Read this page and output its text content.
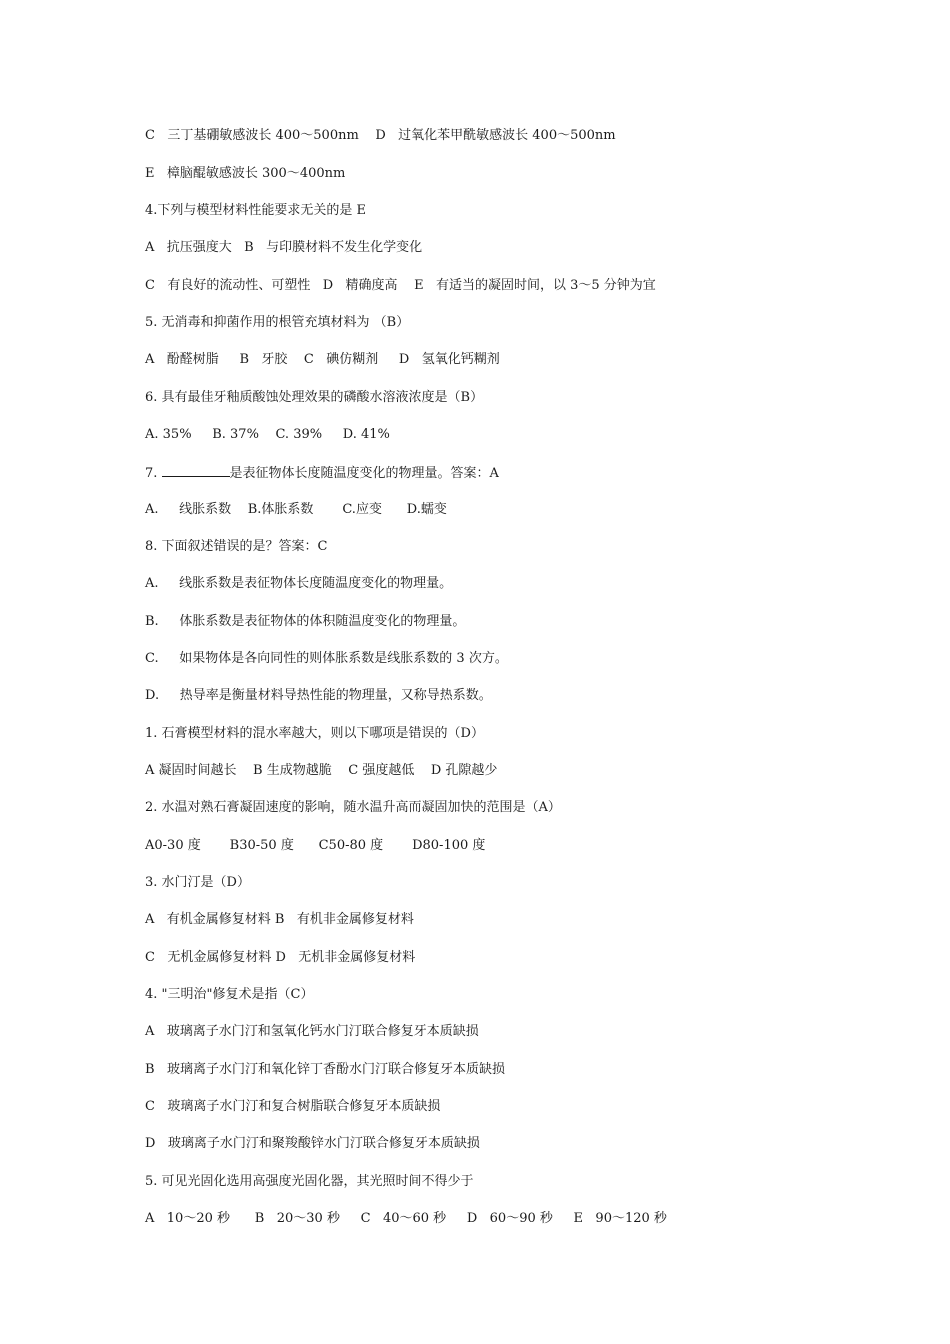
C   三丁基硼敏感波长 400～500nm    D   过氧化苯甲酰敏感波长 400～500nm
E   樟脑醌敏感波长 300～400nm
4.下列与模型材料性能要求无关的是 E
A   抗压强度大   B   与印膜材料不发生化学变化
C   有良好的流动性、可塑性   D   精确度高    E   有适当的凝固时间，以 3～5 分钟为宜
5. 无消毒和抑菌作用的根管充填材料为 （B）
A   酚醛树脂     B   牙胶    C   碘仿糊剂     D   氢氧化钙糊剂
6. 具有最佳牙釉质酸蚀处理效果的磷酸水溶液浓度是（B）
A. 35%     B. 37%    C. 39%     D. 41%
7.	是表征物体长度随温度变化的物理量。答案：A
A.     线胀系数    B.体胀系数       C.应变      D.蠕变
8. 下面叙述错误的是？答案：C
A.     线胀系数是表征物体长度随温度变化的物理量。
B.     体胀系数是表征物体的体积随温度变化的物理量。
C.     如果物体是各向同性的则体胀系数是线胀系数的 3 次方。
D.     热导率是衡量材料导热性能的物理量，又称导热系数。
1. 石膏模型材料的混水率越大，则以下哪项是错误的（D）
A 凝固时间越长    B 生成物越脆    C 强度越低    D 孔隙越少
2. 水温对熟石膏凝固速度的影响，随水温升高而凝固加快的范围是（A）
A0-30 度       B30-50 度      C50-80 度       D80-100 度
3. 水门汀是（D）
A   有机金属修复材料 B   有机非金属修复材料
C   无机金属修复材料 D   无机非金属修复材料
4. "三明治"修复术是指（C）
A   玻璃离子水门汀和氢氧化钙水门汀联合修复牙本质缺损
B   玻璃离子水门汀和氧化锌丁香酚水门汀联合修复牙本质缺损
C   玻璃离子水门汀和复合树脂联合修复牙本质缺损
D   玻璃离子水门汀和聚羧酸锌水门汀联合修复牙本质缺损
5. 可见光固化选用高强度光固化器，其光照时间不得少于
A   10～20 秒      B   20～30 秒     C   40～60 秒     D   60～90 秒     E   90～120 秒
